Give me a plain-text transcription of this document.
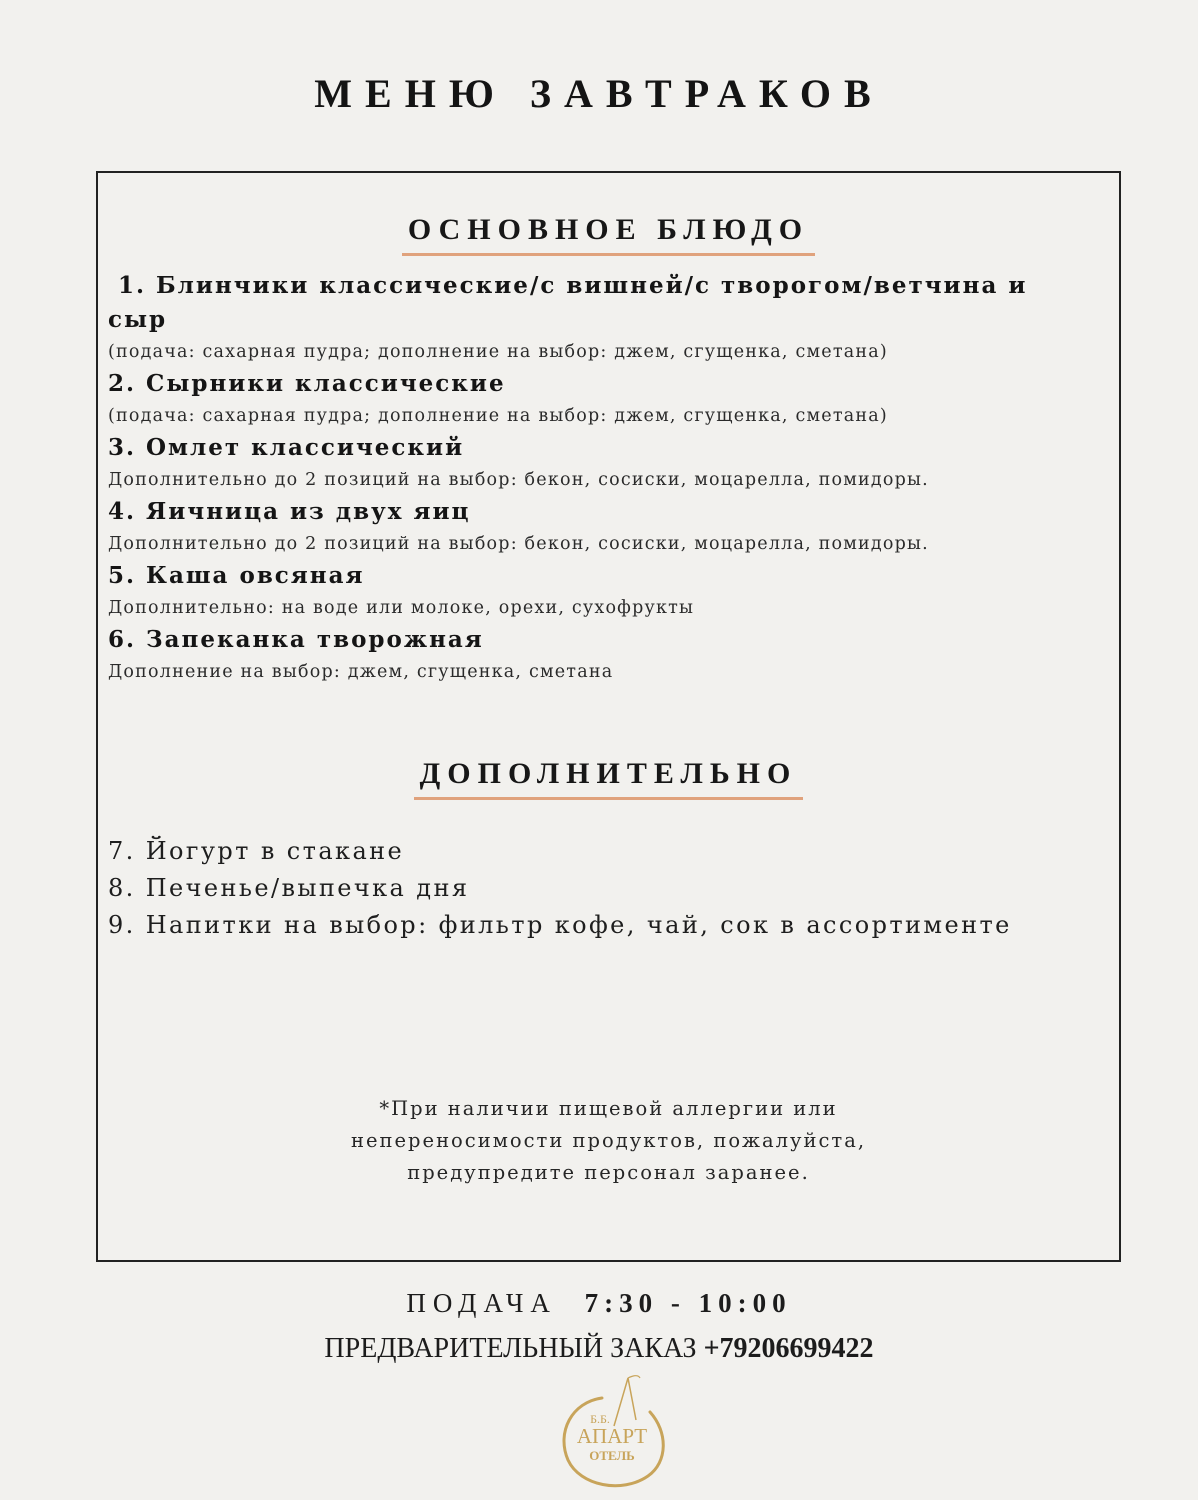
МЕНЮ ЗАВТРАКОВ
ОСНОВНОЕ БЛЮДО
1. Блинчики классические/с вишней/с творогом/ветчина и
сыр
(подача: сахарная пудра; дополнение на выбор: джем, сгущенка, сметана)
2. Сырники классические
(подача: сахарная пудра; дополнение на выбор: джем, сгущенка, сметана)
3. Омлет классический
Дополнительно до 2 позиций на выбор: бекон, сосиски, моцарелла, помидоры.
4. Яичница из двух яиц
Дополнительно до 2 позиций на выбор: бекон, сосиски, моцарелла, помидоры.
5. Каша овсяная
Дополнительно: на воде или молоке, орехи, сухофрукты
6. Запеканка творожная
Дополнение на выбор: джем, сгущенка, сметана
ДОПОЛНИТЕЛЬНО
7. Йогурт в стакане
8. Печенье/выпечка дня
9. Напитки на выбор: фильтр кофе, чай, сок в ассортименте
*При наличии пищевой аллергии или
непереносимости продуктов, пожалуйста,
предупредите персонал заранее.
ПОДАЧА 7:30 - 10:00
ПРЕДВАРИТЕЛЬНЫЙ ЗАКАЗ +79206699422
Б.Б.
АПАРТ
ОТЕЛЬ
